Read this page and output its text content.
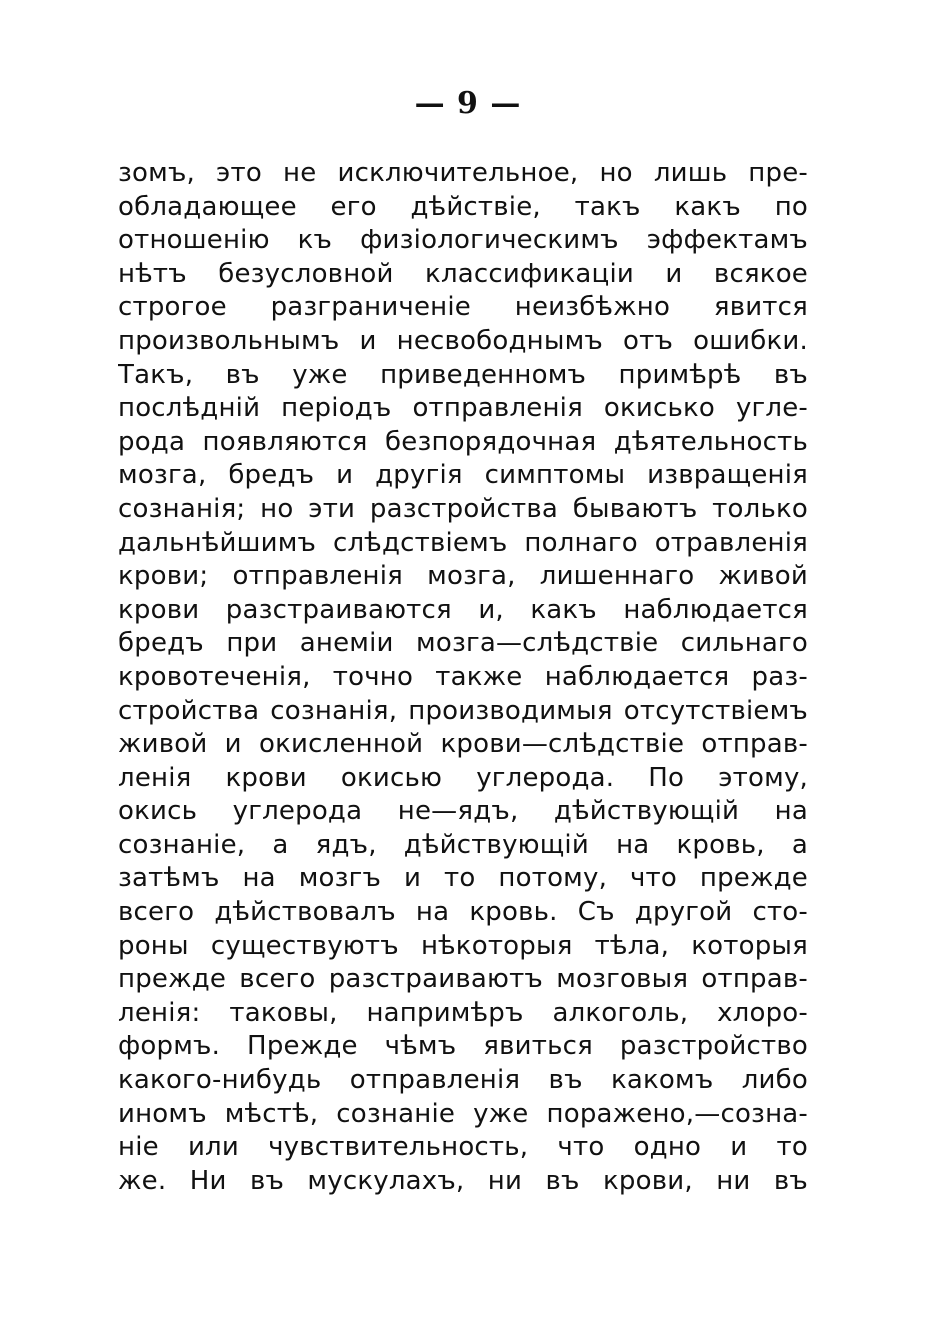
— 9 —
зомъ, это не исключительное, но лишь пре-
обладающее его дѣйствіе, такъ какъ по
отношенію къ физіологическимъ эффектамъ
нѣтъ безусловной классификаціи и всякое
строгое разграниченіе неизбѣжно явится
произвольнымъ и несвободнымъ отъ ошибки.
Такъ, въ уже приведенномъ примѣрѣ въ
послѣдній періодъ отправленія окисько угле-
рода появляются безпорядочная дѣятельность
мозга, бредъ и другія симптомы извращенія
сознанія; но эти разстройства бываютъ только
дальнѣйшимъ слѣдствіемъ полнаго отравленія
крови; отправленія мозга, лишеннаго живой
крови разстраиваются и, какъ наблюдается
бредъ при анеміи мозга—слѣдствіе сильнаго
кровотеченія, точно также наблюдается раз-
стройства сознанія, производимыя отсутствіемъ
живой и окисленной крови—слѣдствіе отправ-
ленія крови окисью углерода. По этому,
окись углерода не—ядъ, дѣйствующій на
сознаніе, а ядъ, дѣйствующій на кровь, а
затѣмъ на мозгъ и то потому, что прежде
всего дѣйствовалъ на кровь. Съ другой сто-
роны существуютъ нѣкоторыя тѣла, которыя
прежде всего разстраиваютъ мозговыя отправ-
ленія: таковы, напримѣръ алкоголь, хлоро-
формъ. Прежде чѣмъ явиться разстройство
какого-нибудь отправленія въ какомъ либо
иномъ мѣстѣ, сознаніе уже поражено,—созна-
ніе или чувствительность, что одно и то
же. Ни въ мускулахъ, ни въ крови, ни въ
